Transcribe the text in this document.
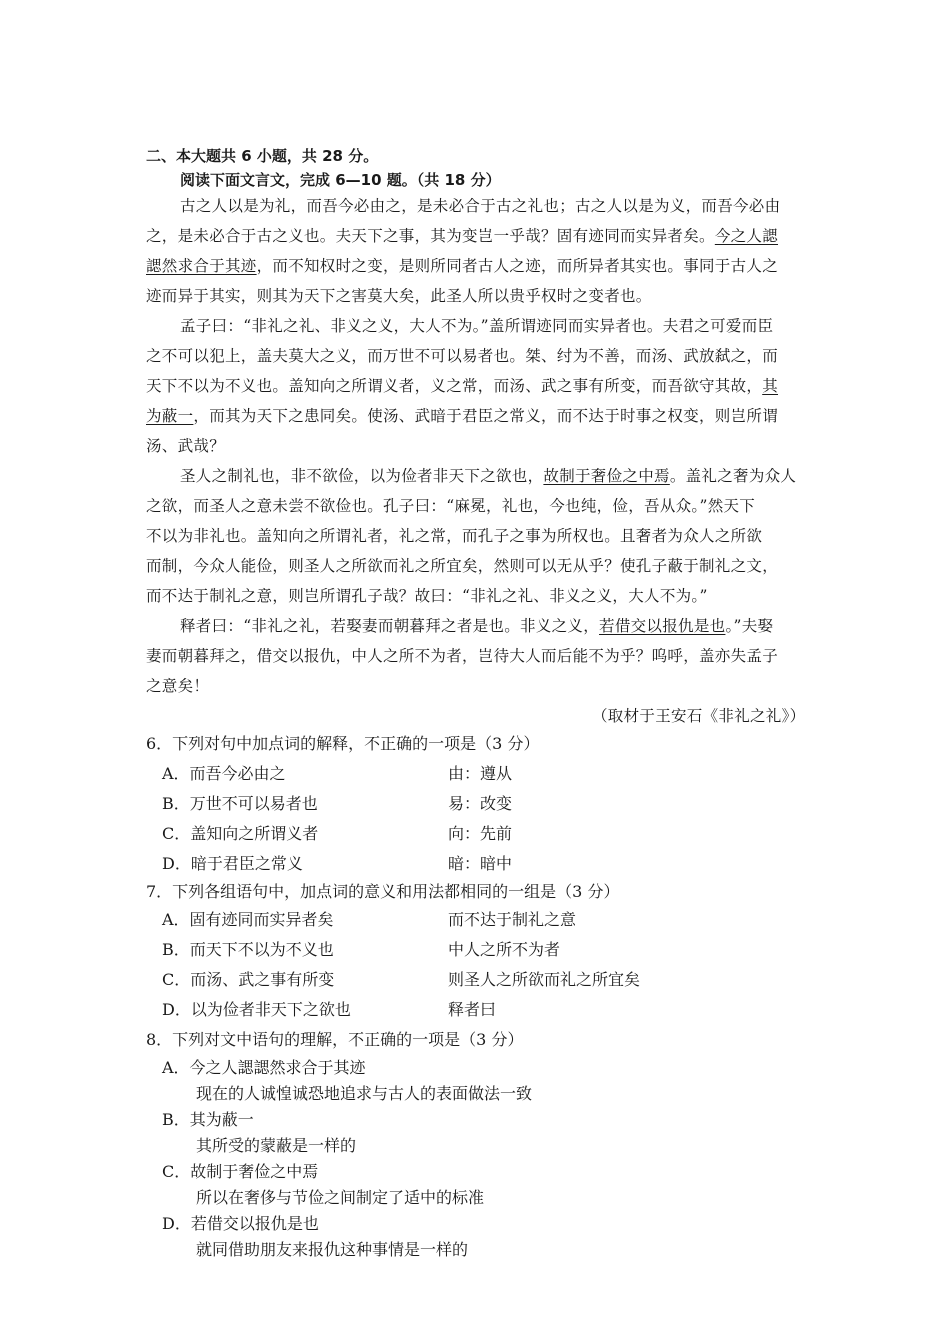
二、本大题共 6 小题，共 28 分。
阅读下面文言文，完成 6—10 题。（共 18 分）
古之人以是为礼，而吾今必由之，是未必合于古之礼也；古之人以是为义，而吾今必由
之，是未必合于古之义也。夫天下之事，其为变岂一乎哉？固有迹同而实异者矣。今之人諰
諰然求合于其迹，而不知权时之变，是则所同者古人之迹，而所异者其实也。事同于古人之
迹而异于其实，则其为天下之害莫大矣，此圣人所以贵乎权时之变者也。
孟子曰：“非礼之礼、非义之义，大人不为。”盖所谓迹同而实异者也。夫君之可爱而臣
之不可以犯上，盖夫莫大之义，而万世不可以易者也。桀、纣为不善，而汤、武放弑之，而
天下不以为不义也。盖知向之所谓义者，义之常，而汤、武之事有所变，而吾欲守其故，其
为蔽一，而其为天下之患同矣。使汤、武暗于君臣之常义，而不达于时事之权变，则岂所谓
汤、武哉？
圣人之制礼也，非不欲俭，以为俭者非天下之欲也，故制于奢俭之中焉。盖礼之奢为众人
之欲，而圣人之意未尝不欲俭也。孔子曰：“麻冕，礼也，今也纯，俭，吾从众。”然天下
不以为非礼也。盖知向之所谓礼者，礼之常，而孔子之事为所权也。且奢者为众人之所欲
而制，今众人能俭，则圣人之所欲而礼之所宜矣，然则可以无从乎？使孔子蔽于制礼之文，
而不达于制礼之意，则岂所谓孔子哉？故曰：“非礼之礼、非义之义，大人不为。”
释者曰：“非礼之礼，若娶妻而朝暮拜之者是也。非义之义，若借交以报仇是也。”夫娶
妻而朝暮拜之，借交以报仇，中人之所不为者，岂待大人而后能不为乎？呜呼，盖亦失孟子
之意矣！
（取材于王安石《非礼之礼》）
6．下列对句中加点词的解释，不正确的一项是（3 分）
A．而吾今必由之	由：遵从
B．万世不可以易者也	易：改变
C．盖知向之所谓义者	向：先前
D．暗于君臣之常义	暗：暗中
7．下列各组语句中，加点词的意义和用法都相同的一组是（3 分）
A．固有迹同而实异者矣	而不达于制礼之意
B．而天下不以为不义也	中人之所不为者
C．而汤、武之事有所变	则圣人之所欲而礼之所宜矣
D．以为俭者非天下之欲也	释者曰
8．下列对文中语句的理解，不正确的一项是（3 分）
A．今之人諰諰然求合于其迹
现在的人诚惶诚恐地追求与古人的表面做法一致
B．其为蔽一
其所受的蒙蔽是一样的
C．故制于奢俭之中焉
所以在奢侈与节俭之间制定了适中的标准
D．若借交以报仇是也
就同借助朋友来报仇这种事情是一样的
